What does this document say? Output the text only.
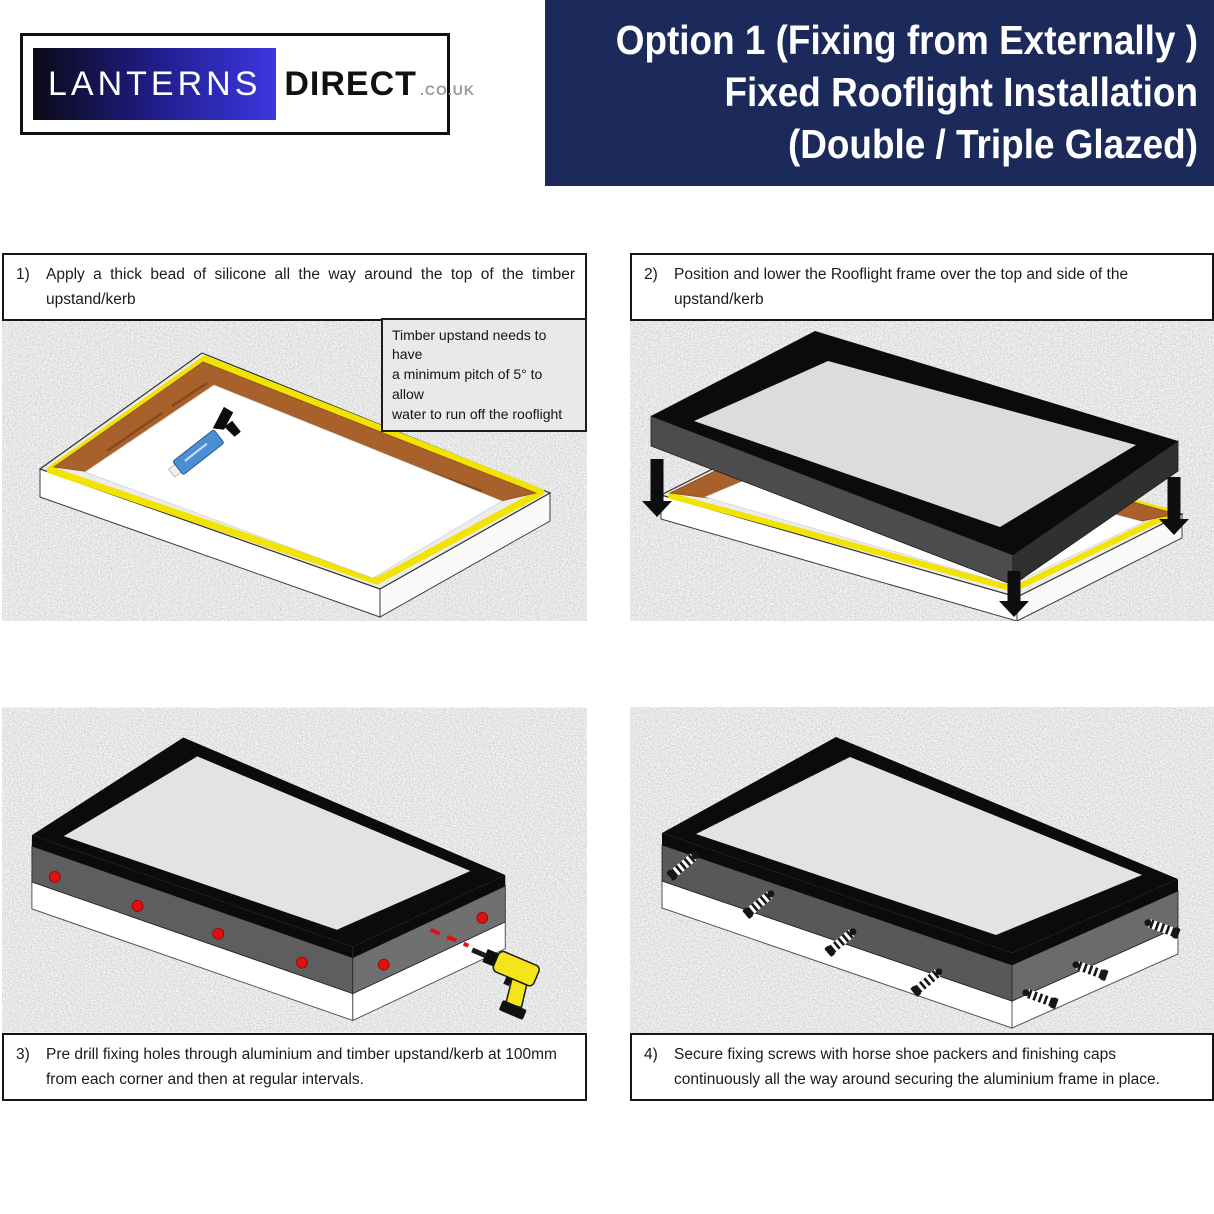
LANTERNS DIRECT .CO.UK
Option 1 (Fixing from Externally )
Fixed Rooflight Installation
(Double / Triple Glazed)
1)	Apply a thick bead of silicone all the way around the top of the timber upstand/kerb
Timber upstand needs to have
a minimum pitch of 5° to allow
water to run off the rooflight
2)	Position and lower the Rooflight frame over the top and side of the upstand/kerb
3)	Pre drill fixing holes through aluminium and timber upstand/kerb at 100mm from each corner and then at regular intervals.
4)	Secure fixing screws with horse shoe packers and finishing caps continuously all the way around securing the aluminium frame in place.
